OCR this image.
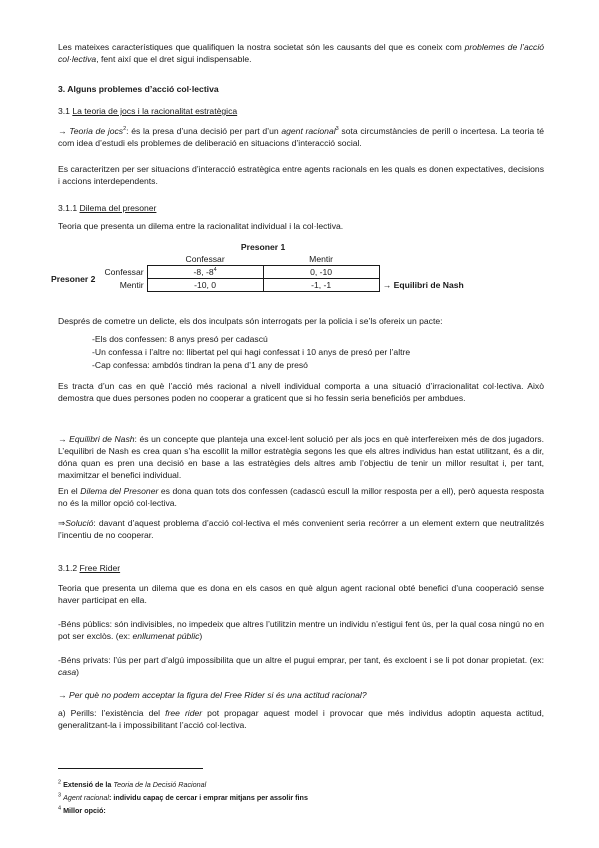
Les mateixes característiques que qualifiquen la nostra societat són les causants del que es coneix com problemes de l’acció col·lectiva, fent així que el dret sigui indispensable.

3. Alguns problemes d’acció col·lectiva

3.1 La teoria de jocs i la racionalitat estratègica

→ Teoria de jocs$^2$: és la presa d’una decisió per part d’un agent racional$^3$ sota circumstàncies de perill o incertesa. La teoria té com idea d’estudi els problemes de deliberació en situacions d’interacció social.

Es caracteritzen per ser situacions d’interacció estratègica entre agents racionals en les quals es donen expectatives, decisions i accions interdependents.

3.1.1 Dilema del presoner

Teoria que presenta un dilema entre la racionalitat individual i la col·lectiva.

		Presoner 1		
		Confessar	Mentir	
Presoner 2	Confessar	-8, $-8^4$	0, -10	
	Mentir	-10, 0	-1, -1	→ Equilibri de Nash

Després de cometre un delicte, els dos inculpats són interrogats per la policia i se’ls ofereix un pacte:

-Els dos confessen: 8 anys presó per cadascú

-Un confessa i l’altre no: llibertat pel qui hagi confessat i 10 anys de presó per l’altre

-Cap confessa: ambdós tindran la pena d’1 any de presó

Es tracta d’un cas en què l’acció més racional a nivell individual comporta a una situació d’irracionalitat col·lectiva. Això demostra que dues persones poden no cooperar a graticent que si ho fessin seria beneficiós per ambdues.

→ Equilibri de Nash: és un concepte que planteja una excel·lent solució per als jocs en què interfereixen més de dos jugadors. L’equilibri de Nash es crea quan s’ha escollit la millor estratègia segons les que els altres individus han estat utilitzant, és a dir, dóna quan es pren una decisió en base a las estratègies dels altres amb l’objectiu de tenir un millor resultat i, per tant, maximitzar el benefici individual.

En el Dilema del Presoner es dona quan tots dos confessen (cadascú escull la millor resposta per a ell), però aquesta resposta no és la millor opció col·lectiva.

⇒Solució: davant d’aquest problema d’acció col·lectiva el més convenient seria recórrer a un element extern que neutralitzés l’incentiu de no cooperar.

3.1.2 Free Rider

Teoria que presenta un dilema que es dona en els casos en què algun agent racional obté benefici d’una cooperació sense haver participat en ella.

-Béns públics: són indivisibles, no impedeix que altres l’utilitzin mentre un individu n’estigui fent ús, per la qual cosa ningú no en pot ser exclòs. (ex: enllumenat públic)

-Béns privats: l’ús per part d’algú impossibilita que un altre el pugui emprar, per tant, és excloent i se li pot donar propietat. (ex: casa)

→ Per què no podem acceptar la figura del Free Rider si és una actitud racional?

a) Perills: l’existència del free rider pot propagar aquest model i provocar que més individus adoptin aquesta actitud, generalitzant-la i impossibilitant l’acció col·lectiva.

$^2$ Extensió de la Teoria de la Decisió Racional

$^3$ Agent racional: individu capaç de cercar i emprar mitjans per assolir fins

$^4$ Millor opció:
